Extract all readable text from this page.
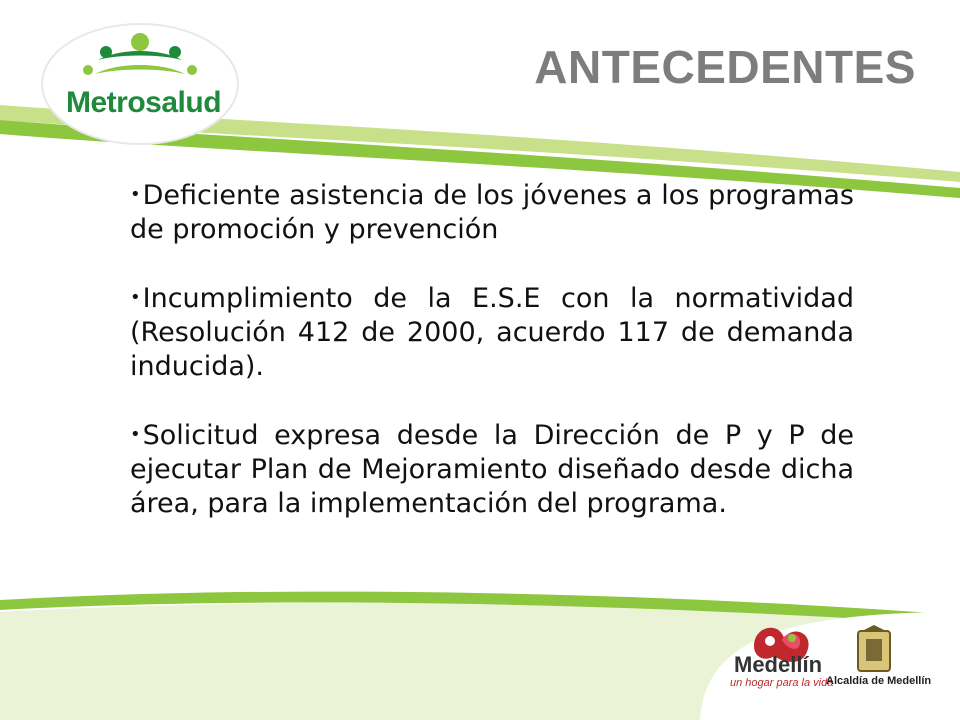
Metrosalud
ANTECEDENTES

• Deficiente asistencia de los jóvenes a los programas de promoción y prevención

• Incumplimiento de la E.S.E con la normatividad (Resolución 412 de 2000, acuerdo 117 de demanda inducida).

• Solicitud expresa desde la Dirección de P y P de ejecutar Plan de Mejoramiento diseñado desde dicha área, para la implementación del programa.

Medellín
un hogar para la vida
Alcaldía de Medellín
